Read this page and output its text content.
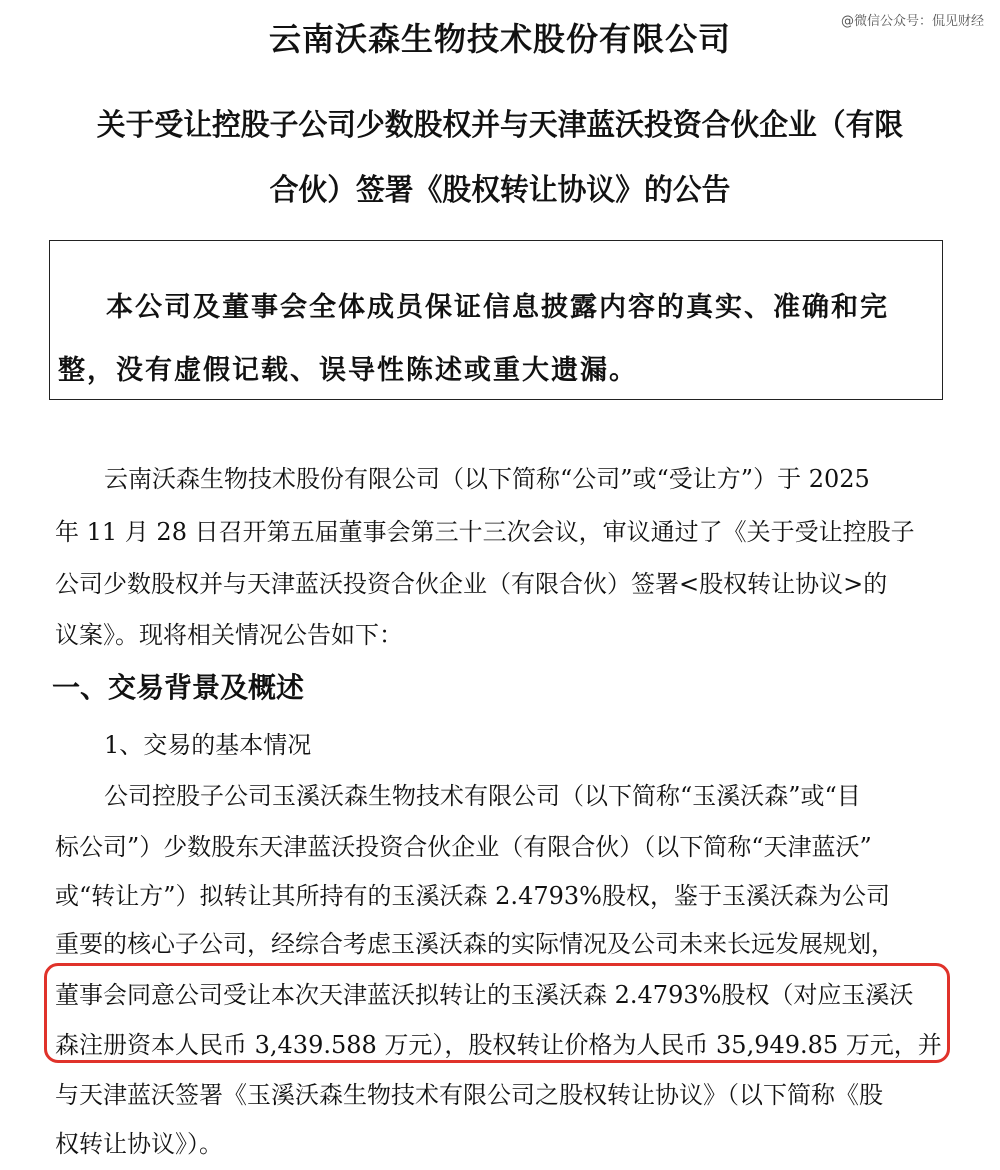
@微信公众号：侃见财经
云南沃森生物技术股份有限公司
关于受让控股子公司少数股权并与天津蓝沃投资合伙企业（有限
合伙）签署《股权转让协议》的公告
本公司及董事会全体成员保证信息披露内容的真实、准确和完
整，没有虚假记载、误导性陈述或重大遗漏。
云南沃森生物技术股份有限公司（以下简称“公司”或“受让方”）于 2025
年 11 月 28 日召开第五届董事会第三十三次会议，审议通过了《关于受让控股子
公司少数股权并与天津蓝沃投资合伙企业（有限合伙）签署<股权转让协议>的
议案》。现将相关情况公告如下：
一、交易背景及概述
1、交易的基本情况
公司控股子公司玉溪沃森生物技术有限公司（以下简称“玉溪沃森”或“目
标公司”）少数股东天津蓝沃投资合伙企业（有限合伙）（以下简称“天津蓝沃”
或“转让方”）拟转让其所持有的玉溪沃森 2.4793%股权，鉴于玉溪沃森为公司
重要的核心子公司，经综合考虑玉溪沃森的实际情况及公司未来长远发展规划，
董事会同意公司受让本次天津蓝沃拟转让的玉溪沃森 2.4793%股权（对应玉溪沃
森注册资本人民币 3,439.588 万元），股权转让价格为人民币 35,949.85 万元，并
与天津蓝沃签署《玉溪沃森生物技术有限公司之股权转让协议》（以下简称《股
权转让协议》）。
